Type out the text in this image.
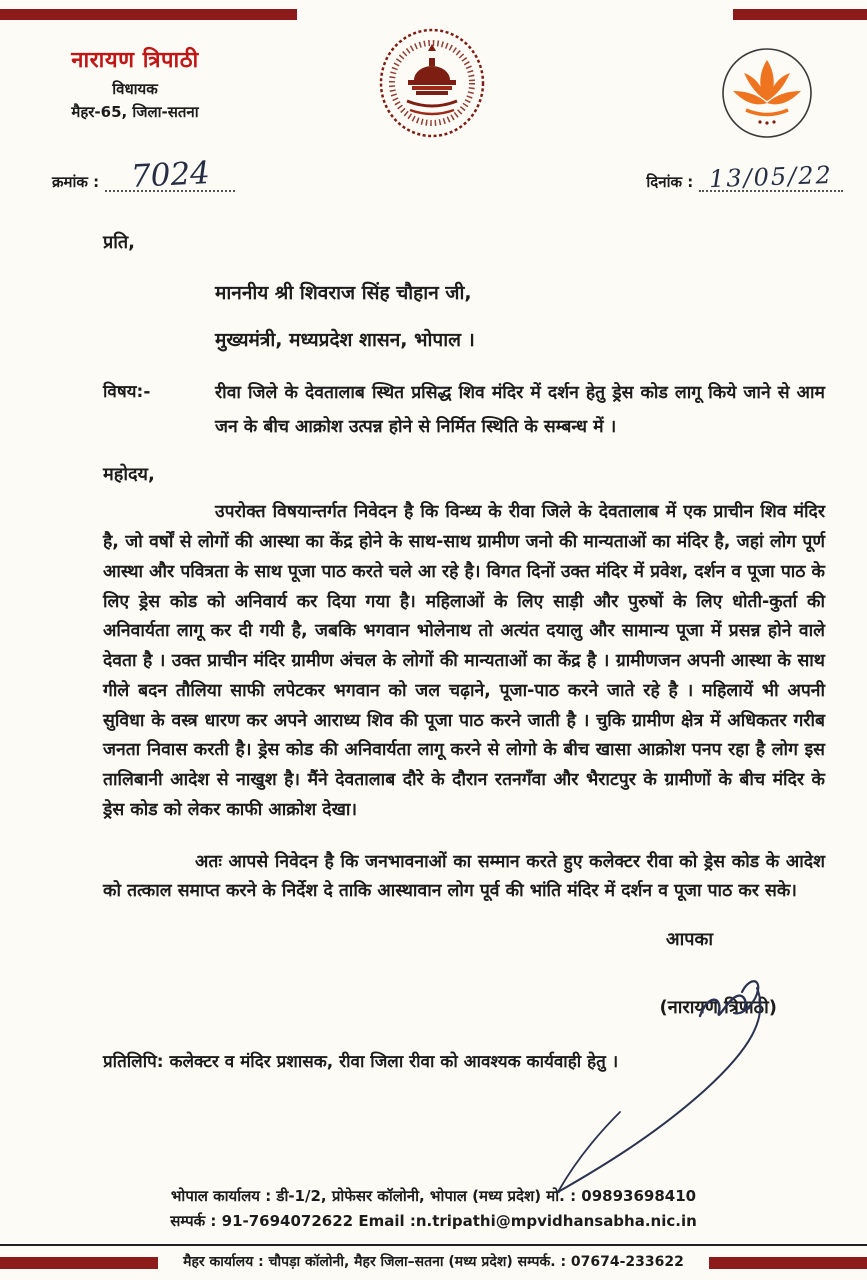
नारायण त्रिपाठी
विधायक
मैहर-65, जिला-सतना
क्रमांक : 7024	दिनांक : 13/05/22
प्रति,
माननीय श्री शिवराज सिंह चौहान जी,
मुख्यमंत्री, मध्यप्रदेश शासन, भोपाल ।
विषय:-	रीवा जिले के देवतालाब स्थित प्रसिद्ध शिव मंदिर में दर्शन हेतु ड्रेस कोड लागू किये जाने से आम जन के बीच आक्रोश उत्पन्न होने से निर्मित स्थिति के सम्बन्ध में ।
महोदय,
उपरोक्त विषयान्तर्गत निवेदन है कि विन्ध्य के रीवा जिले के देवतालाब में एक प्राचीन शिव मंदिर है, जो वर्षों से लोगों की आस्था का केंद्र होने के साथ-साथ ग्रामीण जनो की मान्यताओं का मंदिर है, जहां लोग पूर्ण आस्था और पवित्रता के साथ पूजा पाठ करते चले आ रहे है। विगत दिनों उक्त मंदिर में प्रवेश, दर्शन व पूजा पाठ के लिए ड्रेस कोड को अनिवार्य कर दिया गया है। महिलाओं के लिए साड़ी और पुरुषों के लिए धोती-कुर्ता की अनिवार्यता लागू कर दी गयी है, जबकि भगवान भोलेनाथ तो अत्यंत दयालु और सामान्य पूजा में प्रसन्न होने वाले देवता है । उक्त प्राचीन मंदिर ग्रामीण अंचल के लोगों की मान्यताओं का केंद्र है । ग्रामीणजन अपनी आस्था के साथ गीले बदन तौलिया साफी लपेटकर भगवान को जल चढ़ाने, पूजा-पाठ करने जाते रहे है । महिलायें भी अपनी सुविधा के वस्त्र धारण कर अपने आराध्य शिव की पूजा पाठ करने जाती है । चुकि ग्रामीण क्षेत्र में अधिकतर गरीब जनता निवास करती है। ड्रेस कोड की अनिवार्यता लागू करने से लोगो के बीच खासा आक्रोश पनप रहा है लोग इस तालिबानी आदेश से नाखुश है। मैंने देवतालाब दौरे के दौरान रतनगँवा और भैराटपुर के ग्रामीणों के बीच मंदिर के ड्रेस कोड को लेकर काफी आक्रोश देखा।
अतः आपसे निवेदन है कि जनभावनाओं का सम्मान करते हुए कलेक्टर रीवा को ड्रेस कोड के आदेश को तत्काल समाप्त करने के निर्देश दे ताकि आस्थावान लोग पूर्व की भांति मंदिर में दर्शन व पूजा पाठ कर सके।
आपका
(नारायण त्रिपाठी)
प्रतिलिपि: कलेक्टर व मंदिर प्रशासक, रीवा जिला रीवा को आवश्यक कार्यवाही हेतु ।
भोपाल कार्यालय : डी-1/2, प्रोफेसर कॉलोनी, भोपाल (मध्य प्रदेश) मो. : 09893698410
सम्पर्क : 91-7694072622 Email :n.tripathi@mpvidhansabha.nic.in
मैहर कार्यालय : चौपड़ा कॉलोनी, मैहर जिला–सतना (मध्य प्रदेश) सम्पर्क. : 07674-233622
